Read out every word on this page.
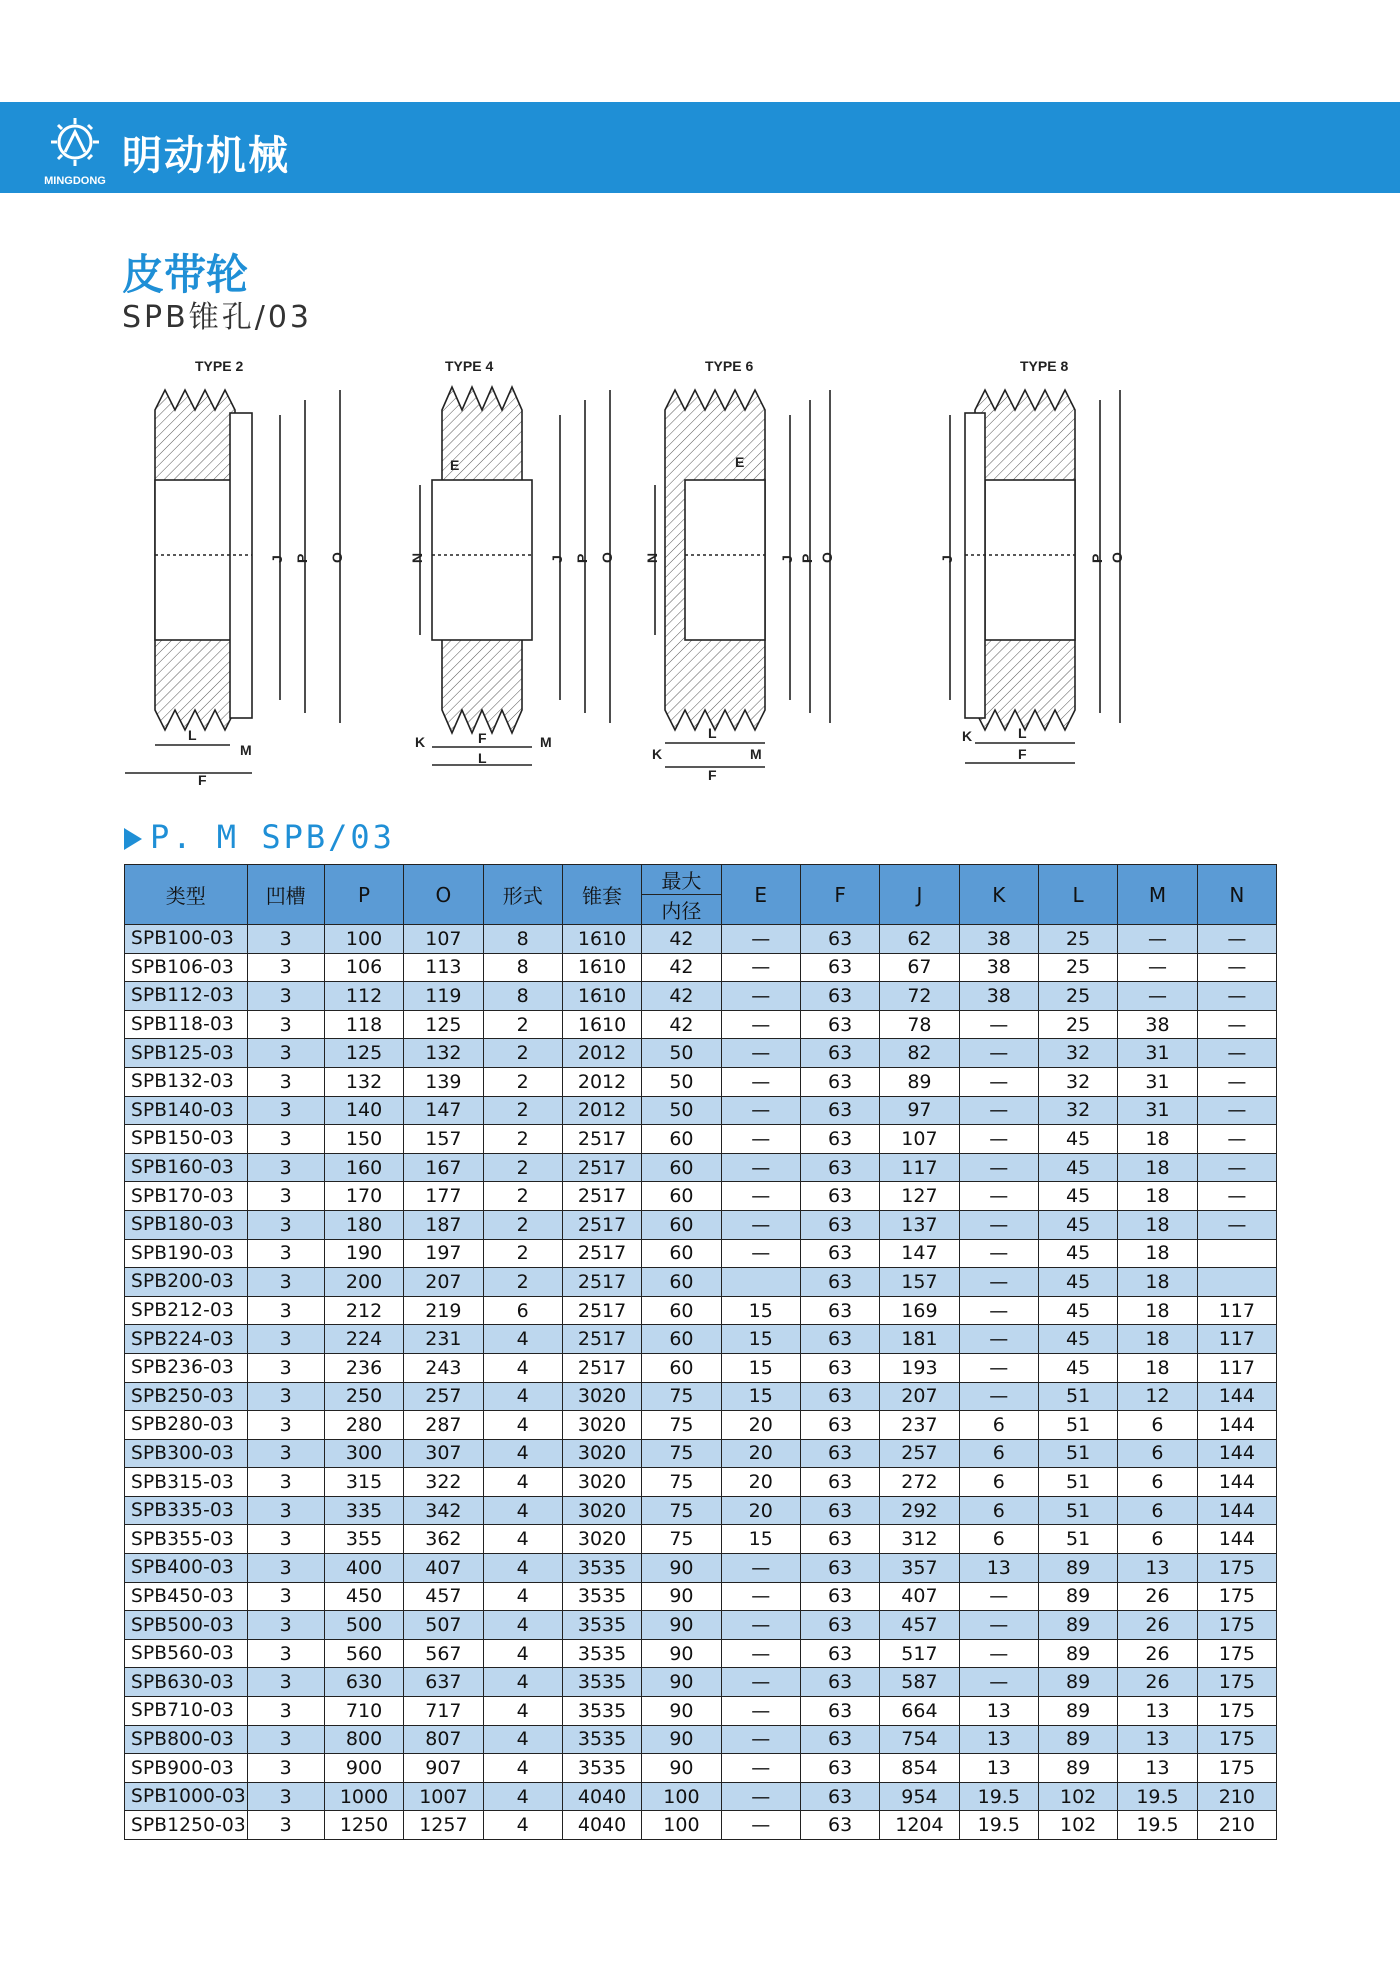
MINGDONG
明动机械
皮带轮
SPB锥孔/03
TYPE 2
J P O
L
F
M
TYPE 4
E
N	J P O
K	F	M
L
TYPE 6
E
N	J P O
L
K	M
F
TYPE 8
J	P O
K	L
F
P. M SPB/03
类型	凹槽	P	O	形式	锥套	最大	E	F	J	K	L	M	N
						内径							
SPB100-03	3	100	107	8	1610	42	—	63	62	38	25	—	—
SPB106-03	3	106	113	8	1610	42	—	63	67	38	25	—	—
SPB112-03	3	112	119	8	1610	42	—	63	72	38	25	—	—
SPB118-03	3	118	125	2	1610	42	—	63	78	—	25	38	—
SPB125-03	3	125	132	2	2012	50	—	63	82	—	32	31	—
SPB132-03	3	132	139	2	2012	50	—	63	89	—	32	31	—
SPB140-03	3	140	147	2	2012	50	—	63	97	—	32	31	—
SPB150-03	3	150	157	2	2517	60	—	63	107	—	45	18	—
SPB160-03	3	160	167	2	2517	60	—	63	117	—	45	18	—
SPB170-03	3	170	177	2	2517	60	—	63	127	—	45	18	—
SPB180-03	3	180	187	2	2517	60	—	63	137	—	45	18	—
SPB190-03	3	190	197	2	2517	60	—	63	147	—	45	18	
SPB200-03	3	200	207	2	2517	60		63	157	—	45	18	
SPB212-03	3	212	219	6	2517	60	15	63	169	—	45	18	117
SPB224-03	3	224	231	4	2517	60	15	63	181	—	45	18	117
SPB236-03	3	236	243	4	2517	60	15	63	193	—	45	18	117
SPB250-03	3	250	257	4	3020	75	15	63	207	—	51	12	144
SPB280-03	3	280	287	4	3020	75	20	63	237	6	51	6	144
SPB300-03	3	300	307	4	3020	75	20	63	257	6	51	6	144
SPB315-03	3	315	322	4	3020	75	20	63	272	6	51	6	144
SPB335-03	3	335	342	4	3020	75	20	63	292	6	51	6	144
SPB355-03	3	355	362	4	3020	75	15	63	312	6	51	6	144
SPB400-03	3	400	407	4	3535	90	—	63	357	13	89	13	175
SPB450-03	3	450	457	4	3535	90	—	63	407	—	89	26	175
SPB500-03	3	500	507	4	3535	90	—	63	457	—	89	26	175
SPB560-03	3	560	567	4	3535	90	—	63	517	—	89	26	175
SPB630-03	3	630	637	4	3535	90	—	63	587	—	89	26	175
SPB710-03	3	710	717	4	3535	90	—	63	664	13	89	13	175
SPB800-03	3	800	807	4	3535	90	—	63	754	13	89	13	175
SPB900-03	3	900	907	4	3535	90	—	63	854	13	89	13	175
SPB1000-03	3	1000	1007	4	4040	100	—	63	954	19.5	102	19.5	210
SPB1250-03	3	1250	1257	4	4040	100	—	63	1204	19.5	102	19.5	210
